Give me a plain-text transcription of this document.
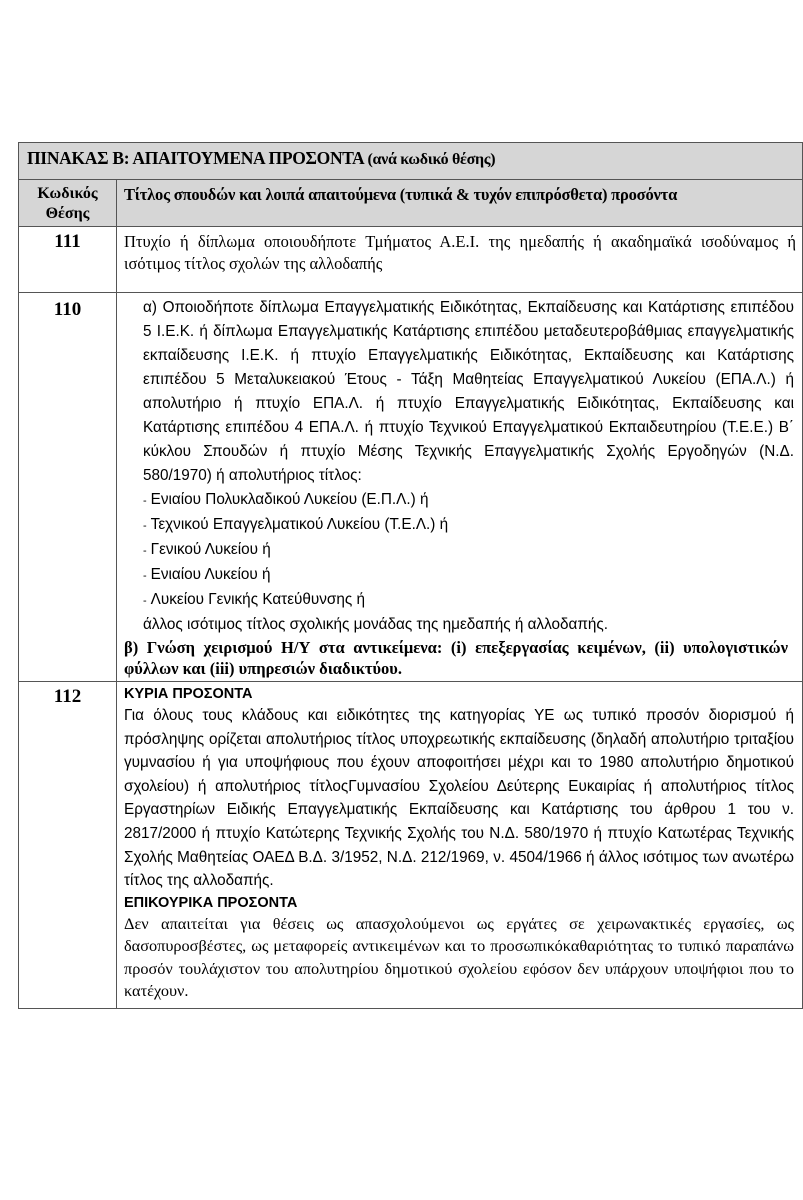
ΠΙΝΑΚΑΣ Β: ΑΠΑΙΤΟΥΜΕΝΑ ΠΡΟΣΟΝΤΑ (ανά κωδικό θέσης)	
Κωδικός Θέσης	Τίτλος σπουδών και λοιπά απαιτούμενα (τυπικά & τυχόν επιπρόσθετα) προσόντα
111	Πτυχίο ή δίπλωμα οποιουδήποτε Τμήματος Α.Ε.Ι. της ημεδαπής ή ακαδημαϊκά ισοδύναμος ή ισότιμος τίτλος σχολών της αλλοδαπής
110	α) Οποιοδήποτε δίπλωμα Επαγγελματικής Ειδικότητας, Εκπαίδευσης και Κατάρτισης επιπέδου 5 Ι.Ε.Κ. ή δίπλωμα Επαγγελματικής Κατάρτισης επιπέδου μεταδευτεροβάθμιας επαγγελματικής εκπαίδευσης Ι.Ε.Κ. ή πτυχίο Επαγγελματικής Ειδικότητας, Εκπαίδευσης και Κατάρτισης επιπέδου 5 Μεταλυκειακού Έτους - Τάξη Μαθητείας Επαγγελματικού Λυκείου (ΕΠΑ.Λ.) ή απολυτήριο ή πτυχίο ΕΠΑ.Λ. ή πτυχίο Επαγγελματικής Ειδικότητας, Εκπαίδευσης και Κατάρτισης επιπέδου 4 ΕΠΑ.Λ. ή πτυχίο Τεχνικού Επαγγελματικού Εκπαιδευτηρίου (Τ.Ε.Ε.) Β΄ κύκλου Σπουδών ή πτυχίο Μέσης Τεχνικής Επαγγελματικής Σχολής Εργοδηγών (Ν.Δ. 580/1970) ή απολυτήριος τίτλος:
- Ενιαίου Πολυκλαδικού Λυκείου (Ε.Π.Λ.) ή
- Τεχνικού Επαγγελματικού Λυκείου (Τ.Ε.Λ.) ή
- Γενικού Λυκείου ή
- Ενιαίου Λυκείου ή
- Λυκείου Γενικής Κατεύθυνσης ή
άλλος ισότιμος τίτλος σχολικής μονάδας της ημεδαπής ή αλλοδαπής.
β) Γνώση χειρισμού Η/Υ στα αντικείμενα: (i) επεξεργασίας κειμένων, (ii) υπολογιστικών φύλλων και (iii) υπηρεσιών διαδικτύου.

112	ΚΥΡΙΑ ΠΡΟΣΟΝΤΑ
Για όλους τους κλάδους και ειδικότητες της κατηγορίας ΥΕ ως τυπικό προσόν διορισμού ή πρόσληψης ορίζεται απολυτήριος τίτλος υποχρεωτικής εκπαίδευσης (δηλαδή απολυτήριο τριταξίου γυμνασίου ή για υποψήφιους που έχουν αποφοιτήσει μέχρι και το 1980 απολυτήριο δημοτικού σχολείου) ή απολυτήριος τίτλοςΓυμνασίου Σχολείου Δεύτερης Ευκαιρίας ή απολυτήριος τίτλος Εργαστηρίων Ειδικής Επαγγελματικής Εκπαίδευσης και Κατάρτισης του άρθρου 1 του ν. 2817/2000 ή πτυχίο Κατώτερης Τεχνικής Σχολής του Ν.Δ. 580/1970 ή πτυχίο Κατωτέρας Τεχνικής Σχολής Μαθητείας ΟΑΕΔ Β.Δ. 3/1952, Ν.Δ. 212/1969, ν. 4504/1966 ή άλλος ισότιμος των ανωτέρω τίτλος της αλλοδαπής.
ΕΠΙΚΟΥΡΙΚΑ ΠΡΟΣΟΝΤΑ
Δεν απαιτείται για θέσεις ως απασχολούμενοι ως εργάτες σε χειρωνακτικές εργασίες, ως δασοπυροσβέστες, ως μεταφορείς αντικειμένων και το προσωπικόκαθαριότητας το τυπικό παραπάνω προσόν τουλάχιστον του απολυτηρίου δημοτικού σχολείου εφόσον δεν υπάρχουν υποψήφιοι που το κατέχουν.
